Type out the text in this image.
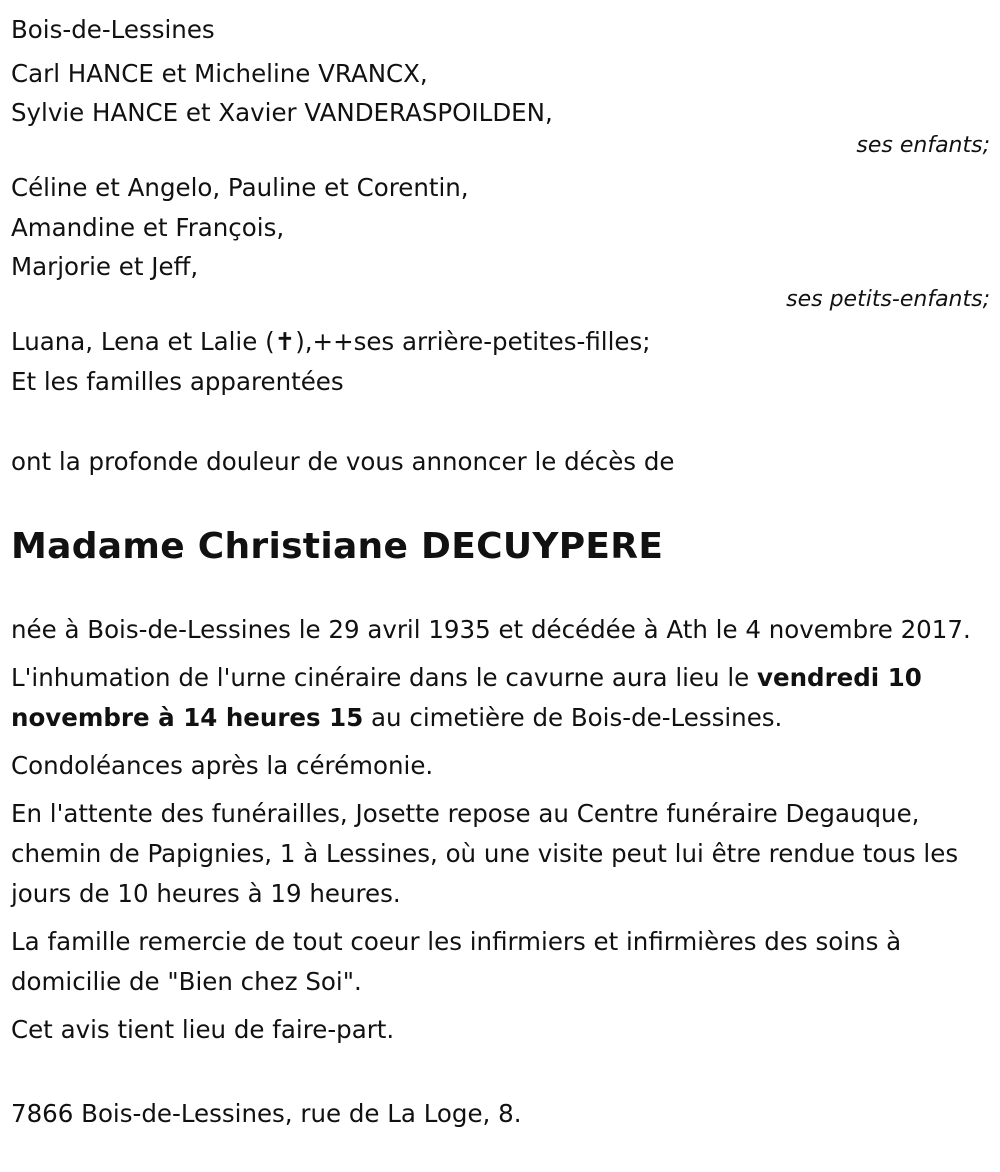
Bois-de-Lessines
Carl HANCE et Micheline VRANCX,
Sylvie HANCE et Xavier VANDERASPOILDEN,
ses enfants;
Céline et Angelo, Pauline et Corentin,
Amandine et François,
Marjorie et Jeff,
ses petits-enfants;
Luana, Lena et Lalie (✝),++ses arrière-petites-filles;
Et les familles apparentées
ont la profonde douleur de vous annoncer le décès de
Madame Christiane DECUYPERE
née à Bois-de-Lessines le 29 avril 1935 et décédée à Ath le 4 novembre 2017.
L'inhumation de l'urne cinéraire dans le cavurne aura lieu le vendredi 10 novembre à 14 heures 15 au cimetière de Bois-de-Lessines.
Condoléances après la cérémonie.
En l'attente des funérailles, Josette repose au Centre funéraire Degauque, chemin de Papignies, 1 à Lessines, où une visite peut lui être rendue tous les jours de 10 heures à 19 heures.
La famille remercie de tout coeur les infirmiers et infirmières des soins à domicilie de "Bien chez Soi".
Cet avis tient lieu de faire-part.
7866 Bois-de-Lessines, rue de La Loge, 8.
